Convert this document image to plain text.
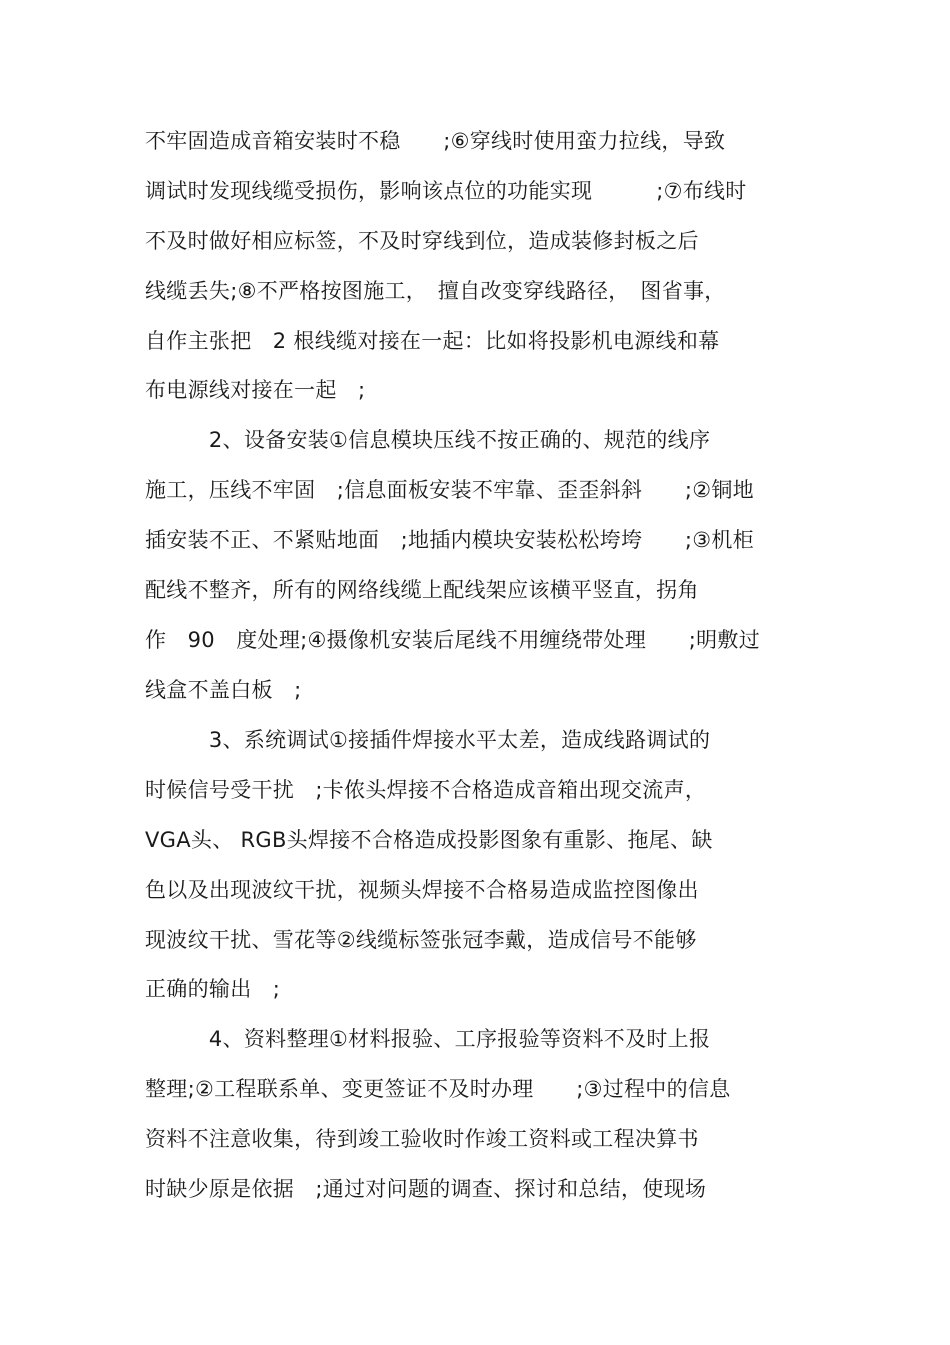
不牢固造成音箱安装时不稳　　;⑥穿线时使用蛮力拉线，导致
调试时发现线缆受损伤，影响该点位的功能实现　　　;⑦布线时
不及时做好相应标签，不及时穿线到位，造成装修封板之后
线缆丢失;⑧不严格按图施工，　擅自改变穿线路径，　图省事，
自作主张把　2 根线缆对接在一起：比如将投影机电源线和幕
布电源线对接在一起　;
　　　2、设备安装①信息模块压线不按正确的、规范的线序
施工，压线不牢固　;信息面板安装不牢靠、歪歪斜斜　　;②铜地
插安装不正、不紧贴地面　;地插内模块安装松松垮垮　　;③机柜
配线不整齐，所有的网络线缆上配线架应该横平竖直，拐角
作　90　度处理;④摄像机安装后尾线不用缠绕带处理　　;明敷过
线盒不盖白板　;
　　　3、系统调试①接插件焊接水平太差，造成线路调试的
时候信号受干扰　;卡侬头焊接不合格造成音箱出现交流声，
VGA头、 RGB头焊接不合格造成投影图象有重影、拖尾、缺
色以及出现波纹干扰，视频头焊接不合格易造成监控图像出
现波纹干扰、雪花等②线缆标签张冠李戴，造成信号不能够
正确的输出　;
　　　4、资料整理①材料报验、工序报验等资料不及时上报
整理;②工程联系单、变更签证不及时办理　　;③过程中的信息
资料不注意收集，待到竣工验收时作竣工资料或工程决算书
时缺少原是依据　;通过对问题的调查、探讨和总结，使现场
